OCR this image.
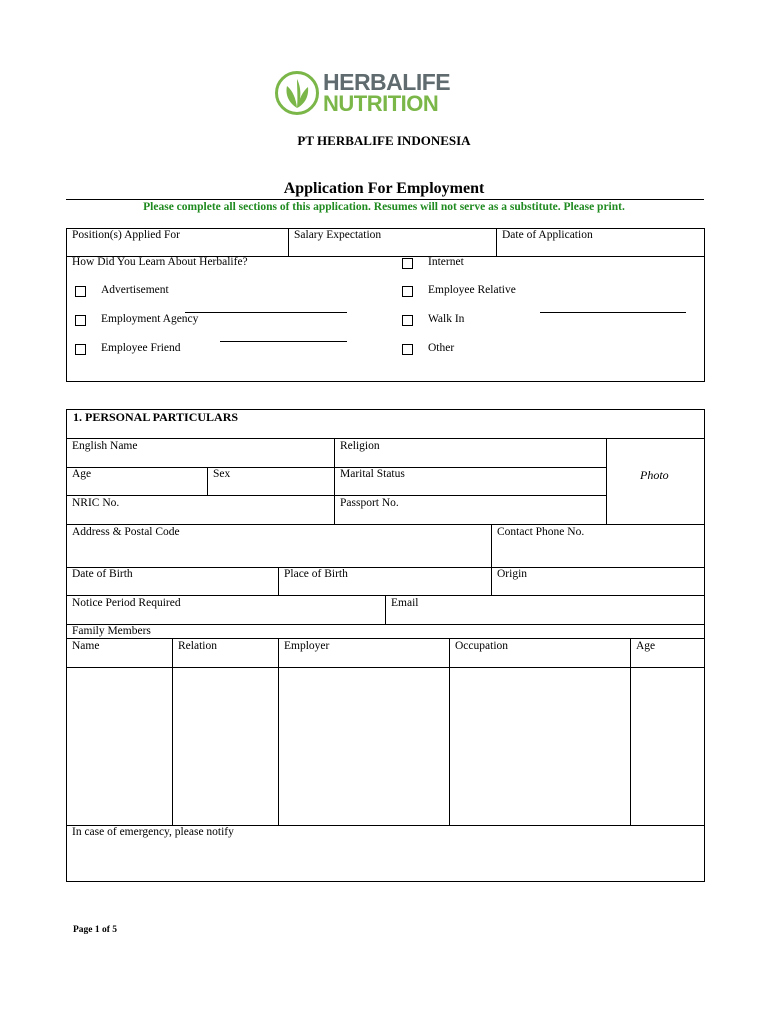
HERBALIFE
NUTRITION
PT HERBALIFE INDONESIA
Application For Employment
Please complete all sections of this application. Resumes will not serve as a substitute. Please print.
Position(s) Applied For	Salary Expectation	Date of Application
How Did You Learn About Herbalife?
Advertisement
Employment Agency
Employee Friend
Internet
Employee Relative
Walk In
Other
1. PERSONAL PARTICULARS
English Name	Religion
Photo
Age	Sex	Marital Status
NRIC No.	Passport No.
Address & Postal Code	Contact Phone No.
Date of Birth	Place of Birth	Origin
Notice Period Required	Email
Family Members
Name	Relation	Employer	Occupation	Age
In case of emergency, please notify
Page 1 of 5
